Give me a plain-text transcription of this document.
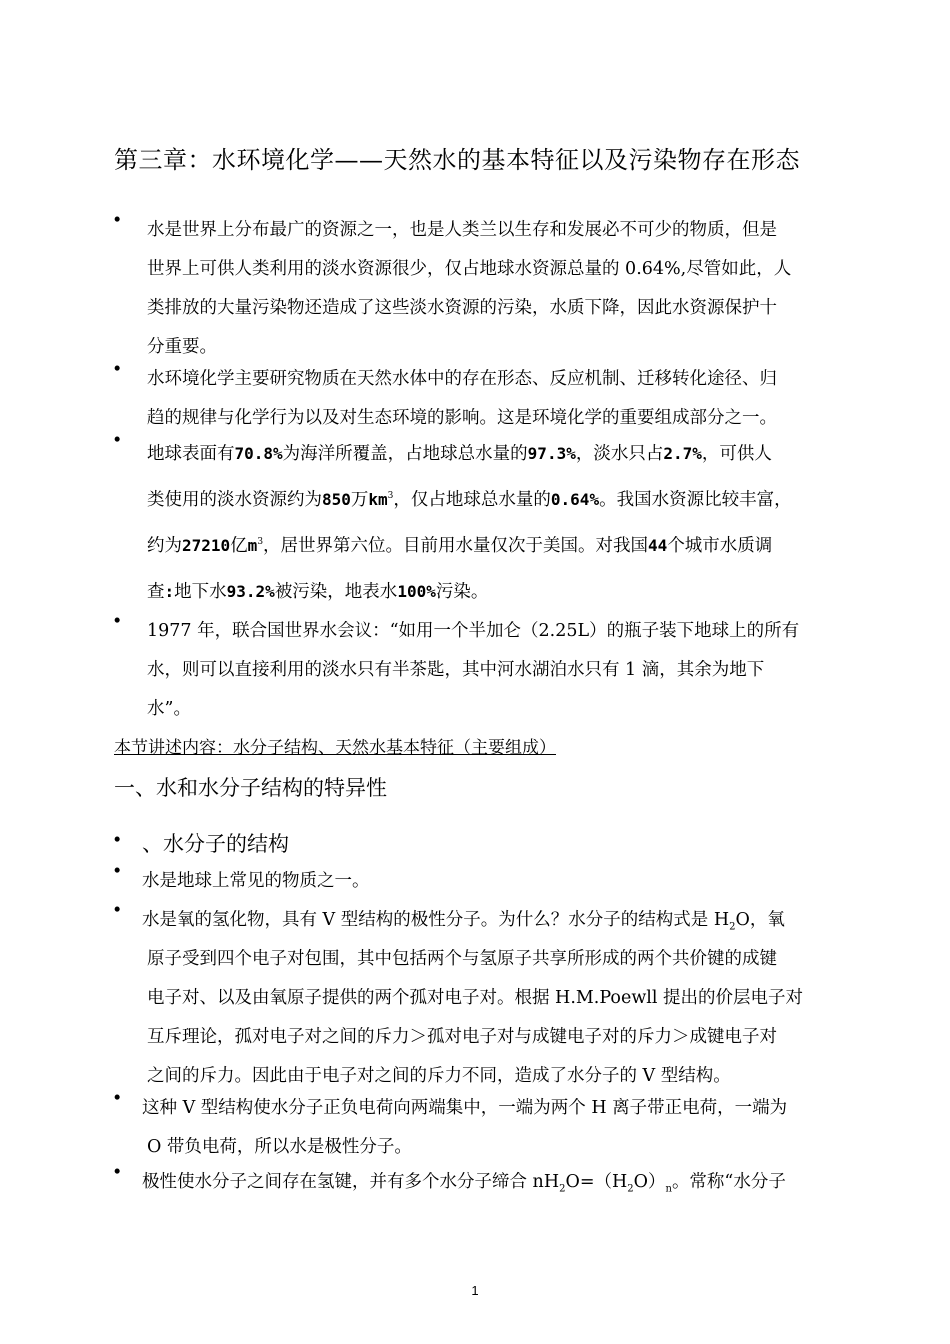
第三章：水环境化学——天然水的基本特征以及污染物存在形态
• 水是世界上分布最广的资源之一，也是人类兰以生存和发展必不可少的物质，但是
世界上可供人类利用的淡水资源很少，仅占地球水资源总量的 0.64%,尽管如此，人
类排放的大量污染物还造成了这些淡水资源的污染，水质下降，因此水资源保护十
分重要。
• 水环境化学主要研究物质在天然水体中的存在形态、反应机制、迁移转化途径、归
趋的规律与化学行为以及对生态环境的影响。这是环境化学的重要组成部分之一。
•
地球表面有70.8%为海洋所覆盖，占地球总水量的97.3%，淡水只占2.7%，可供人
类使用的淡水资源约为850万$km^3$，仅占地球总水量的0.64%。我国水资源比较丰富，
约为27210亿$m^3$，居世界第六位。目前用水量仅次于美国。对我国44个城市水质调
查:地下水93.2%被污染，地表水100%污染。
• 1977 年，联合国世界水会议：“如用一个半加仑（2.25L）的瓶子装下地球上的所有
水，则可以直接利用的淡水只有半茶匙，其中河水湖泊水只有 1 滴，其余为地下
水”。
本节讲述内容：水分子结构、天然水基本特征（主要组成）
一、水和水分子结构的特异性
• 、水分子的结构
• 水是地球上常见的物质之一。
• 水是氧的氢化物，具有 V 型结构的极性分子。为什么？水分子的结构式是 $H_2O$，氧
原子受到四个电子对包围，其中包括两个与氢原子共享所形成的两个共价键的成键
电子对、以及由氧原子提供的两个孤对电子对。根据 H.M.Poewll 提出的价层电子对
互斥理论，孤对电子对之间的斥力＞孤对电子对与成键电子对的斥力＞成键电子对
之间的斥力。因此由于电子对之间的斥力不同，造成了水分子的 V 型结构。
• 这种 V 型结构使水分子正负电荷向两端集中，一端为两个 H 离子带正电荷，一端为
O 带负电荷，所以水是极性分子。
• 极性使水分子之间存在氢键，并有多个水分子缔合 $nH_2O=(H_2O)_n$。常称“水分子
1
